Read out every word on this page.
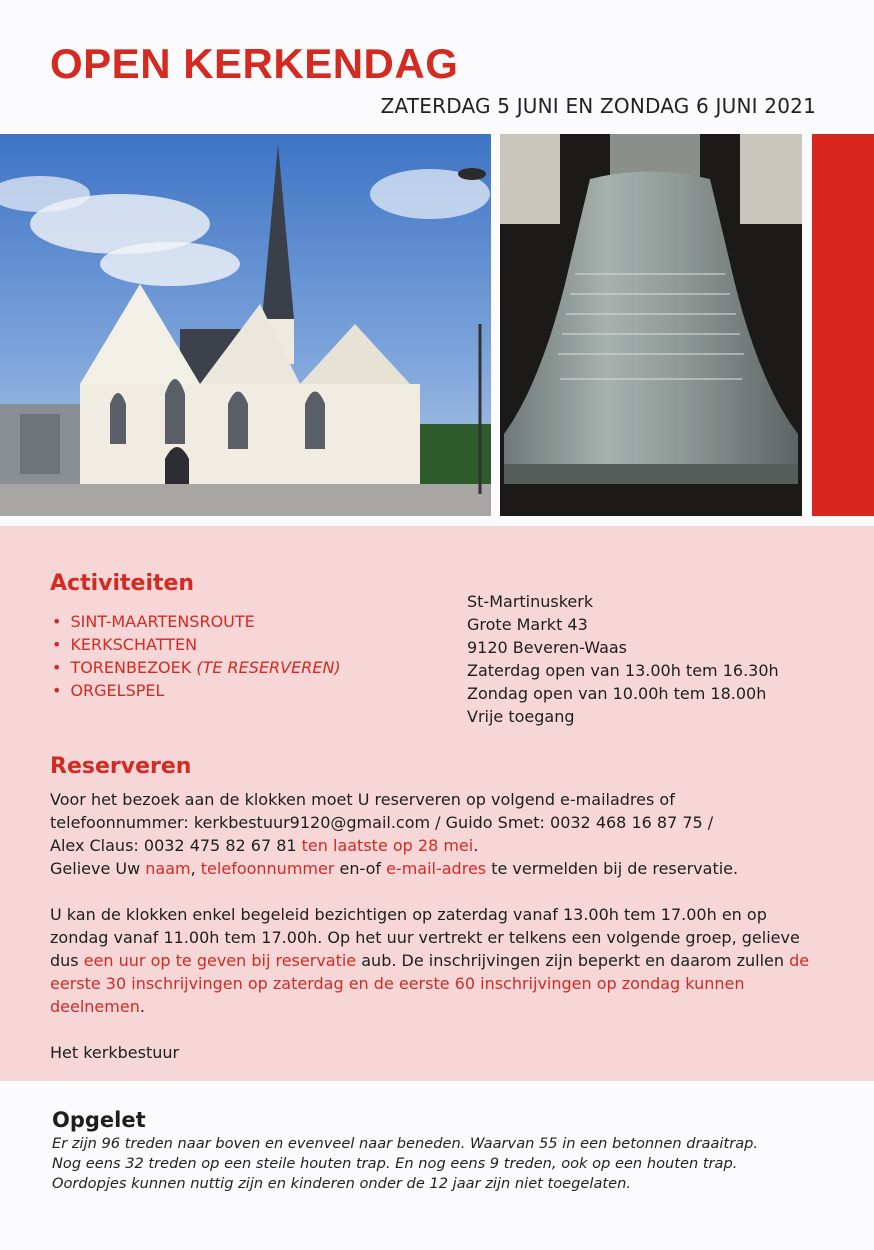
OPEN KERKENDAG
ZATERDAG 5 JUNI EN ZONDAG 6 JUNI 2021
Activiteiten
• SINT-MAARTENSROUTE
• KERKSCHATTEN
• TORENBEZOEK (TE RESERVEREN)
• ORGELSPEL
St-Martinuskerk
Grote Markt 43
9120 Beveren-Waas
Zaterdag open van 13.00h tem 16.30h
Zondag open van 10.00h tem 18.00h
Vrije toegang
Reserveren

Voor het bezoek aan de klokken moet U reserveren op volgend e-mailadres of
telefoonnummer: kerkbestuur9120@gmail.com / Guido Smet: 0032 468 16 87 75 /
Alex Claus: 0032 475 82 67 81 ten laatste op 28 mei.
Gelieve Uw naam, telefoonnummer en-of e-mail-adres te vermelden bij de reservatie.

U kan de klokken enkel begeleid bezichtigen op zaterdag vanaf 13.00h tem 17.00h en op zondag vanaf 11.00h tem 17.00h. Op het uur vertrekt er telkens een volgende groep, gelieve dus een uur op te geven bij reservatie aub. De inschrijvingen zijn beperkt en daarom zullen de eerste 30 inschrijvingen op zaterdag en de eerste 60 inschrijvingen op zondag kunnen deelnemen.

Het kerkbestuur

Opgelet
Er zijn 96 treden naar boven en evenveel naar beneden. Waarvan 55 in een betonnen draaitrap.
Nog eens 32 treden op een steile houten trap. En nog eens 9 treden, ook op een houten trap.
Oordopjes kunnen nuttig zijn en kinderen onder de 12 jaar zijn niet toegelaten.
